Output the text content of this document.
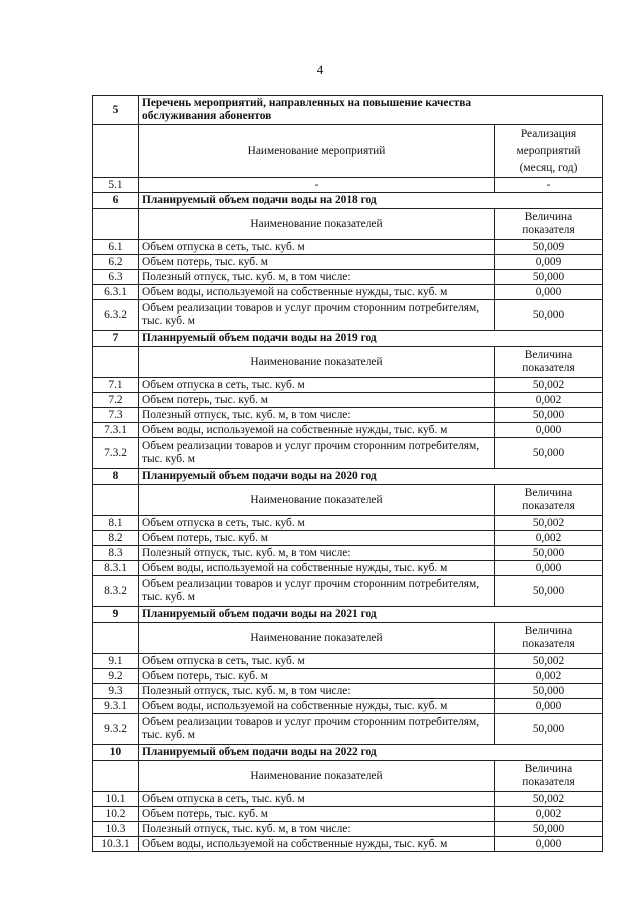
4
5	Перечень мероприятий, направленных на повышение качества
обслуживания абонентов	

	Наименование мероприятий	Реализация
мероприятий
(месяц, год)

5.1	-	-
6	Планируемый объем подачи воды на 2018 год	
	Наименование показателей	Величина
показателя

6.1	Объем отпуска в сеть, тыс. куб. м	50,009
6.2	Объем потерь, тыс. куб. м	0,009
6.3	Полезный отпуск, тыс. куб. м, в том числе:	50,000
6.3.1	Объем воды, используемой на собственные нужды, тыс. куб. м	0,000
6.3.2	Объем реализации товаров и услуг прочим сторонним потребителям, тыс. куб. м	50,000
7	Планируемый объем подачи воды на 2019 год	
	Наименование показателей	Величина
показателя

7.1	Объем отпуска в сеть, тыс. куб. м	50,002
7.2	Объем потерь, тыс. куб. м	0,002
7.3	Полезный отпуск, тыс. куб. м, в том числе:	50,000
7.3.1	Объем воды, используемой на собственные нужды, тыс. куб. м	0,000
7.3.2	Объем реализации товаров и услуг прочим сторонним потребителям, тыс. куб. м	50,000
8	Планируемый объем подачи воды на 2020 год	
	Наименование показателей	Величина
показателя

8.1	Объем отпуска в сеть, тыс. куб. м	50,002
8.2	Объем потерь, тыс. куб. м	0,002
8.3	Полезный отпуск, тыс. куб. м, в том числе:	50,000
8.3.1	Объем воды, используемой на собственные нужды, тыс. куб. м	0,000
8.3.2	Объем реализации товаров и услуг прочим сторонним потребителям, тыс. куб. м	50,000
9	Планируемый объем подачи воды на 2021 год	
	Наименование показателей	Величина
показателя

9.1	Объем отпуска в сеть, тыс. куб. м	50,002
9.2	Объем потерь, тыс. куб. м	0,002
9.3	Полезный отпуск, тыс. куб. м, в том числе:	50,000
9.3.1	Объем воды, используемой на собственные нужды, тыс. куб. м	0,000
9.3.2	Объем реализации товаров и услуг прочим сторонним потребителям, тыс. куб. м	50,000
10	Планируемый объем подачи воды на 2022 год	
	Наименование показателей	Величина
показателя

10.1	Объем отпуска в сеть, тыс. куб. м	50,002
10.2	Объем потерь, тыс. куб. м	0,002
10.3	Полезный отпуск, тыс. куб. м, в том числе:	50,000
10.3.1	Объем воды, используемой на собственные нужды, тыс. куб. м	0,000
